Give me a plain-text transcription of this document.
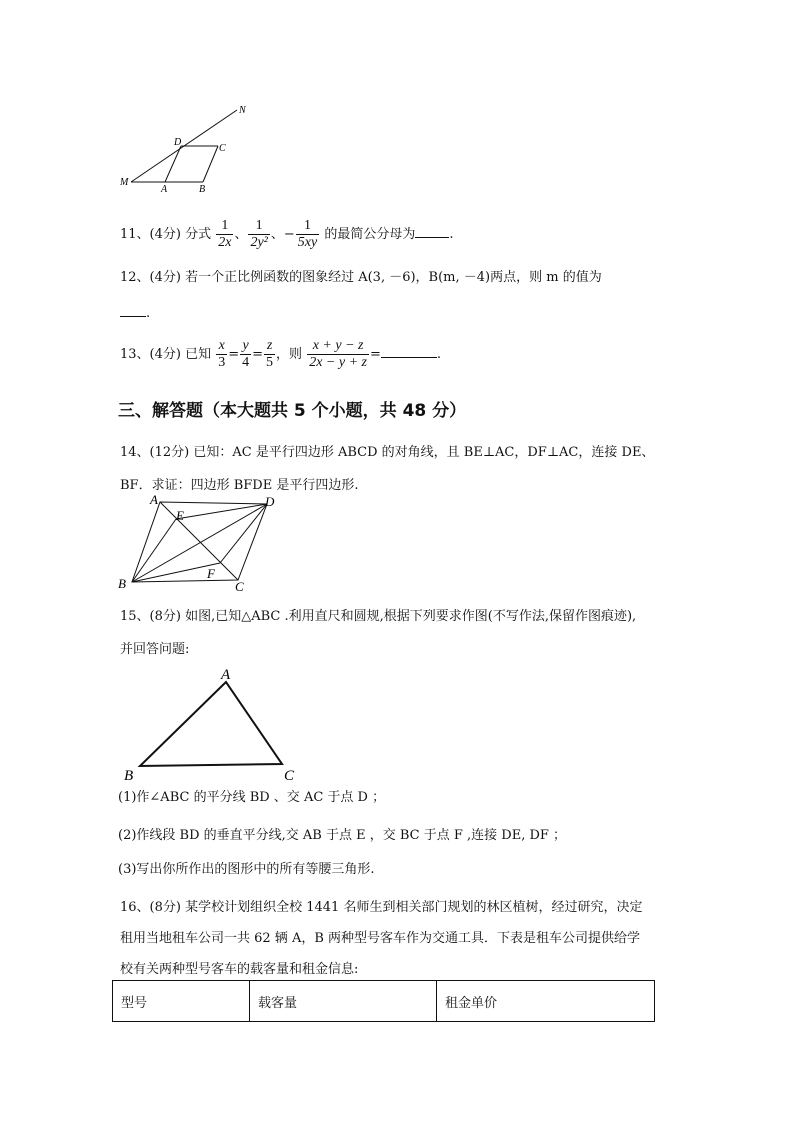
N
D
C
M
A	B
11、(4分) 分式 $\frac{1}{2x}$ 、 $\frac{1}{\text{2y²}}$ 、− $\frac{1}{5xy}$ 的最简公分母为	.
12、(4分) 若一个正比例函数的图象经过 A(3, －6)，B(m, －4)两点，则 m 的值为
.
13、(4分) 已知 $\frac{x}{3} = \frac{y}{4} = \frac{z}{5}$ ，则 $\frac{x + y - z}{2x - y + z}$ =	.
三、解答题（本大题共 5 个小题，共 48 分）
14、(12分) 已知：AC 是平行四边形 ABCD 的对角线，且 BE⊥AC，DF⊥AC，连接 DE、
BF．求证：四边形 BFDE 是平行四边形.
A	D
E
F
B	C
15、(8分) 如图,已知△ABC .利用直尺和圆规,根据下列要求作图(不写作法,保留作图痕迹),
并回答问题:
A
B	C
(1)作∠ABC 的平分线 BD 、交 AC 于点 D ；
(2)作线段 BD 的垂直平分线,交 AB 于点 E ，交 BC 于点 F ,连接 DE, DF ；
(3)写出你所作出的图形中的所有等腰三角形.
16、(8分) 某学校计划组织全校 1441 名师生到相关部门规划的林区植树，经过研究，决定
租用当地租车公司一共 62 辆 A，B 两种型号客车作为交通工具．下表是租车公司提供给学
校有关两种型号客车的载客量和租金信息:
型号	载客量	租金单价
